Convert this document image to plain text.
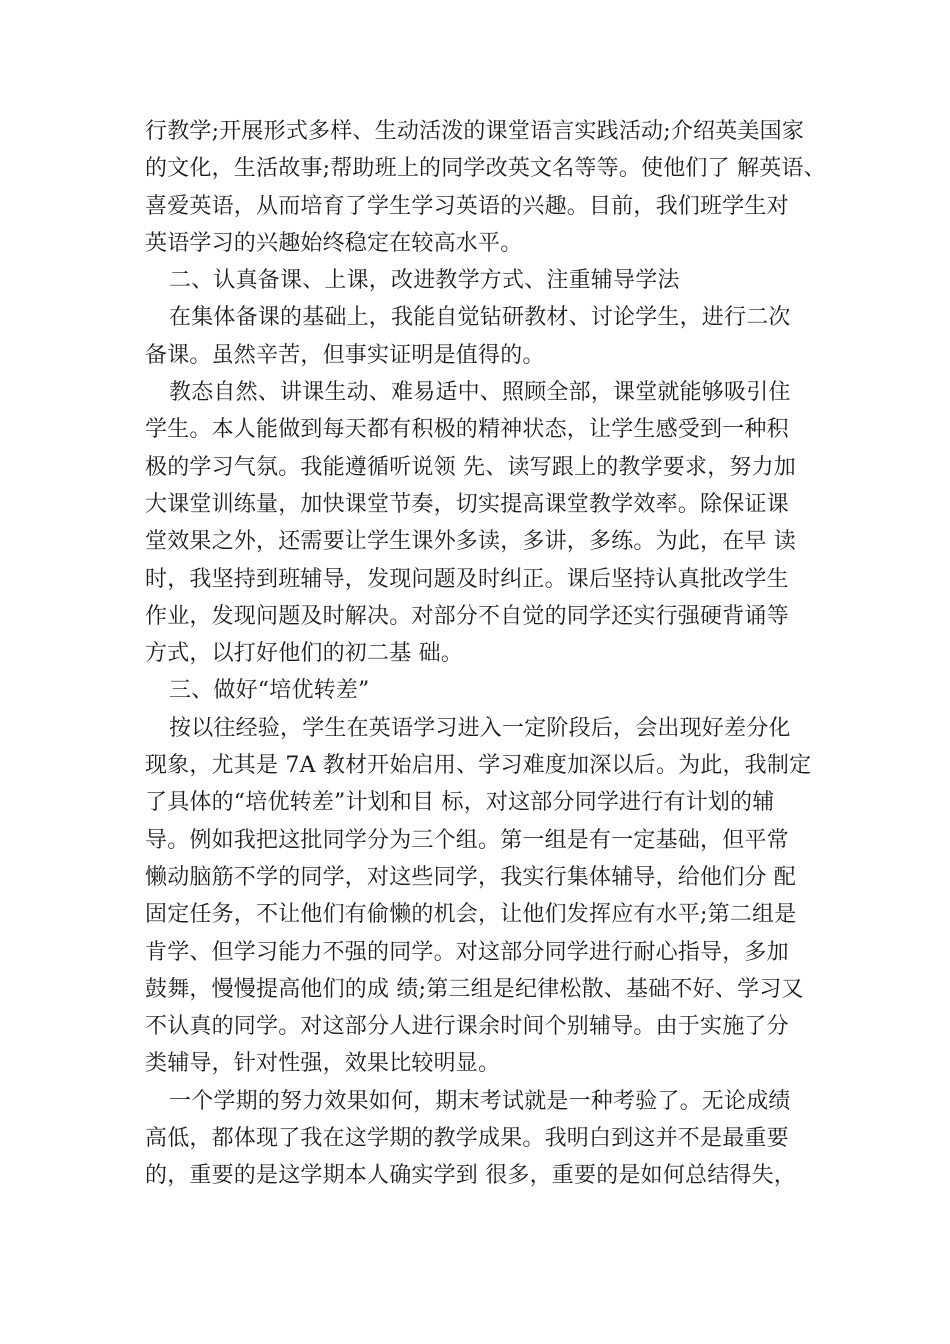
行教学;开展形式多样、生动活泼的课堂语言实践活动;介绍英美国家
的文化，生活故事;帮助班上的同学改英文名等等。使他们了 解英语、
喜爱英语，从而培育了学生学习英语的兴趣。目前，我们班学生对
英语学习的兴趣始终稳定在较高水平。
二、认真备课、上课，改进教学方式、注重辅导学法
在集体备课的基础上，我能自觉钻研教材、讨论学生，进行二次
备课。虽然辛苦，但事实证明是值得的。
教态自然、讲课生动、难易适中、照顾全部，课堂就能够吸引住
学生。本人能做到每天都有积极的精神状态，让学生感受到一种积
极的学习气氛。我能遵循听说领 先、读写跟上的教学要求，努力加
大课堂训练量，加快课堂节奏，切实提高课堂教学效率。除保证课
堂效果之外，还需要让学生课外多读，多讲，多练。为此，在早 读
时，我坚持到班辅导，发现问题及时纠正。课后坚持认真批改学生
作业，发现问题及时解决。对部分不自觉的同学还实行强硬背诵等
方式，以打好他们的初二基 础。
三、做好“培优转差”
按以往经验，学生在英语学习进入一定阶段后，会出现好差分化
现象，尤其是 7A 教材开始启用、学习难度加深以后。为此，我制定
了具体的“培优转差”计划和目 标，对这部分同学进行有计划的辅
导。例如我把这批同学分为三个组。第一组是有一定基础，但平常
懒动脑筋不学的同学，对这些同学，我实行集体辅导，给他们分 配
固定任务，不让他们有偷懒的机会，让他们发挥应有水平;第二组是
肯学、但学习能力不强的同学。对这部分同学进行耐心指导，多加
鼓舞，慢慢提高他们的成 绩;第三组是纪律松散、基础不好、学习又
不认真的同学。对这部分人进行课余时间个别辅导。由于实施了分
类辅导，针对性强，效果比较明显。
一个学期的努力效果如何，期末考试就是一种考验了。无论成绩
高低，都体现了我在这学期的教学成果。我明白到这并不是最重要
的，重要的是这学期本人确实学到 很多，重要的是如何总结得失，
